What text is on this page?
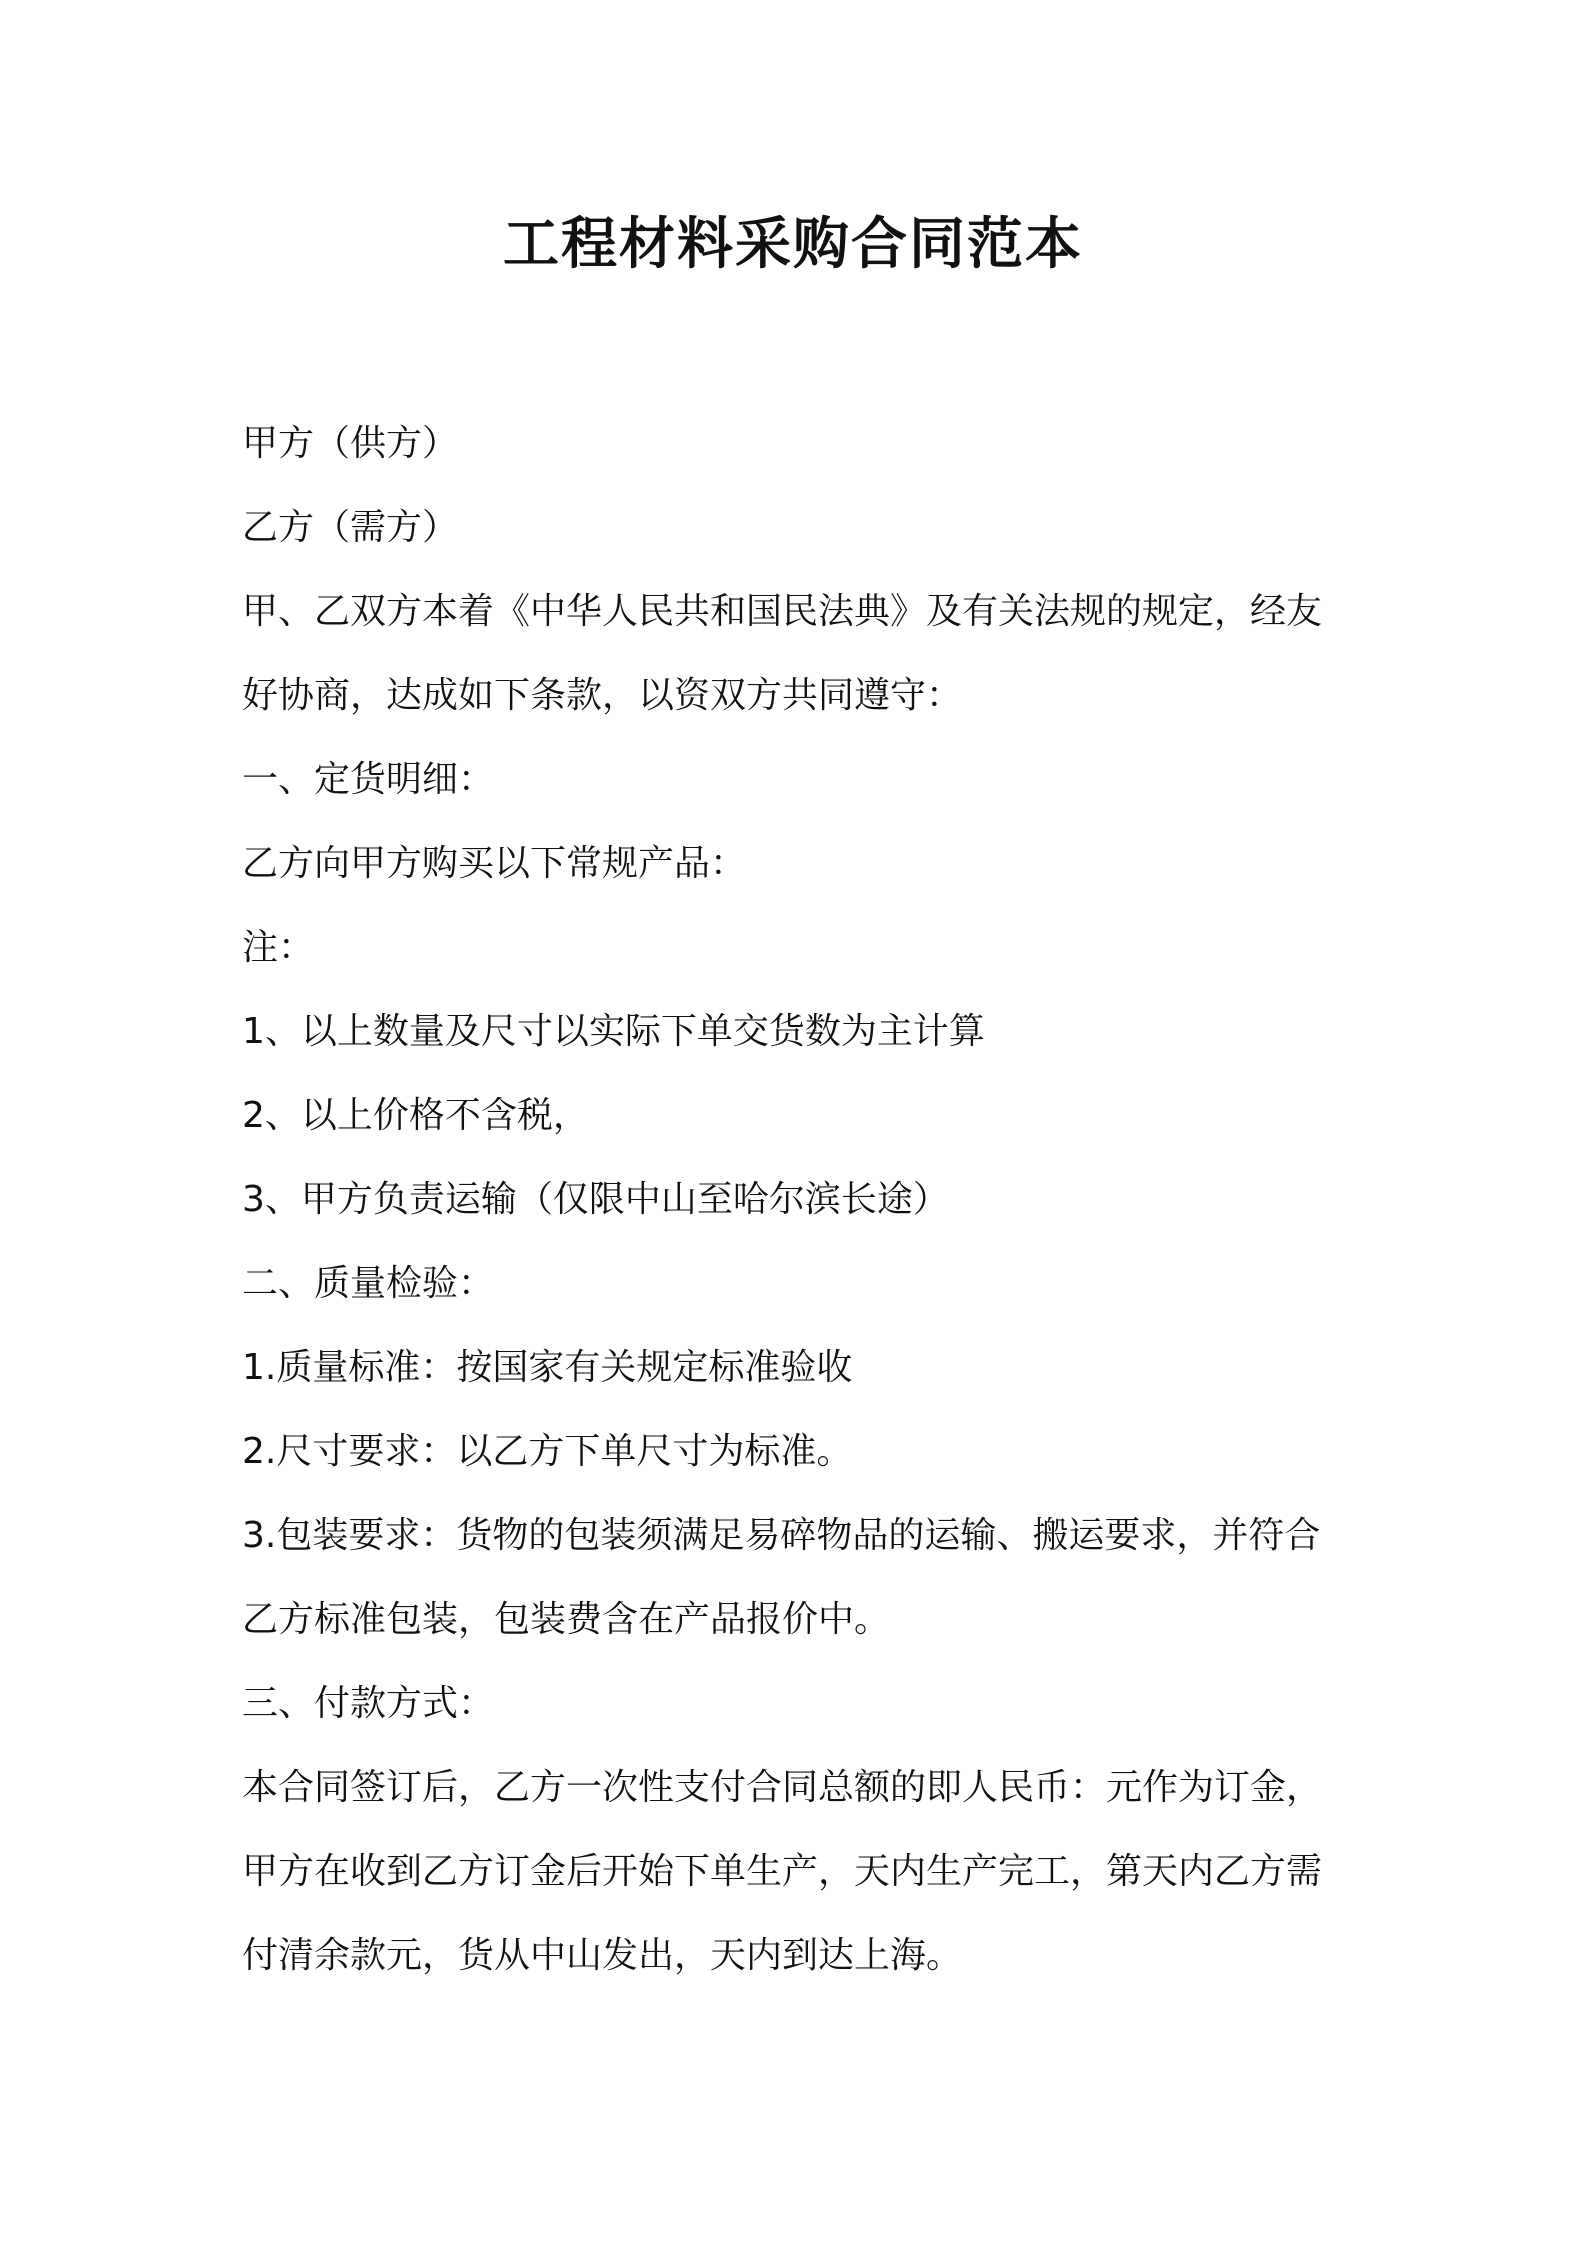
工程材料采购合同范本

甲方（供方）

乙方（需方）

甲、乙双方本着《中华人民共和国民法典》及有关法规的规定，经友

好协商，达成如下条款，以资双方共同遵守：

一、定货明细：

乙方向甲方购买以下常规产品：

注：

1、以上数量及尺寸以实际下单交货数为主计算

2、以上价格不含税，

3、甲方负责运输（仅限中山至哈尔滨长途）

二、质量检验：

1.质量标准：按国家有关规定标准验收

2.尺寸要求：以乙方下单尺寸为标准。

3.包装要求：货物的包装须满足易碎物品的运输、搬运要求，并符合

乙方标准包装，包装费含在产品报价中。

三、付款方式：

本合同签订后，乙方一次性支付合同总额的即人民币：元作为订金，

甲方在收到乙方订金后开始下单生产，天内生产完工，第天内乙方需

付清余款元，货从中山发出，天内到达上海。
